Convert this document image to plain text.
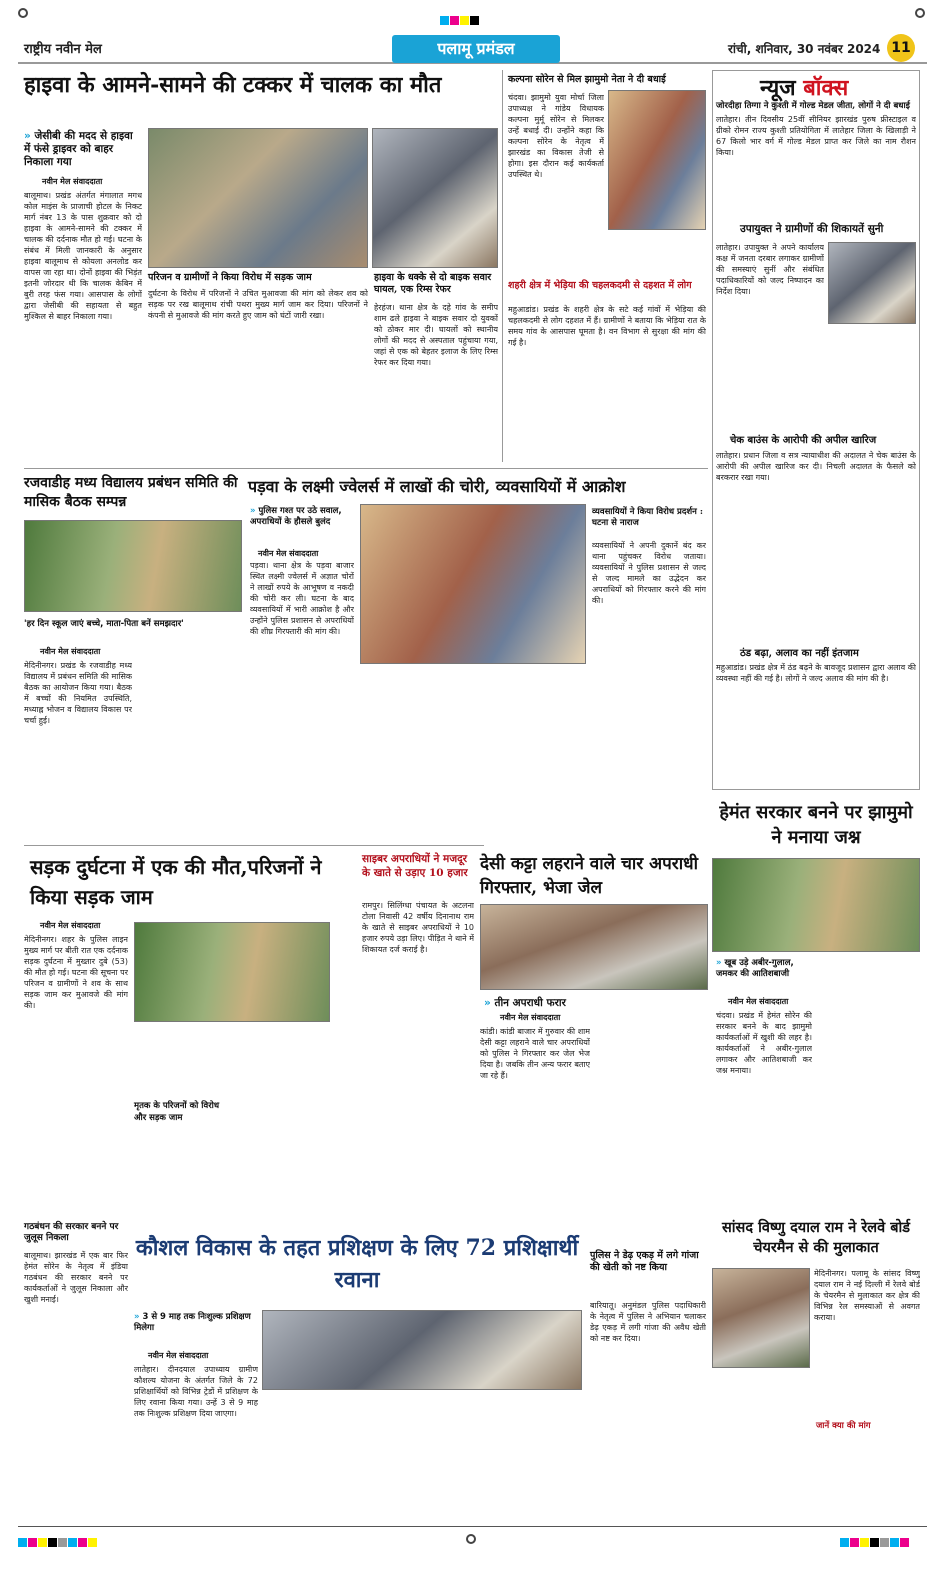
राष्ट्रीय नवीन मेल	पलामू प्रमंडल	रांची, शनिवार, 30 नवंबर 2024 11
हाइवा के आमने-सामने की टक्कर में चालक का मौत
» जेसीबी की मदद से हाइवा में फंसे ड्राइवर को बाहर निकाला गया
नवीन मेल संवाददाता
बालूमाथ। प्रखंड अंतर्गत मंगालात मगध कोल माइंस के प्राजाची होटल के निकट मार्ग नंबर 13 के पास शुक्रवार को दो हाइवा के आमने-सामने की टक्कर में चालक की दर्दनाक मौत हो गई। घटना के संबंध में मिली जानकारी के अनुसार हाइवा बालूमाथ से कोयला अनलोड कर वापस जा रहा था। दोनों हाइवा की भिड़ंत इतनी जोरदार थी कि चालक केबिन में बुरी तरह फंस गया। आसपास के लोगों द्वारा जेसीबी की सहायता से बहुत मुश्किल से बाहर निकाला गया।
परिजन व ग्रामीणों ने किया विरोध में सड़क जाम
दुर्घटना के विरोध में परिजनों ने उचित मुआवजा की मांग को लेकर शव को सड़क पर रख बालूमाथ रांची पथरा मुख्य मार्ग जाम कर दिया। परिजनों ने कंपनी से मुआवजे की मांग करते हुए जाम को घंटों जारी रखा।
हाइवा के धक्के से दो बाइक सवार घायल, एक रिम्स रेफर
हेरहंज। थाना क्षेत्र के दहे गांव के समीप शाम ढले हाइवा ने बाइक सवार दो युवकों को ठोकर मार दी। घायलों को स्थानीय लोगों की मदद से अस्पताल पहुंचाया गया, जहां से एक को बेहतर इलाज के लिए रिम्स रेफर कर दिया गया।
कल्पना सोरेन से मिल झामुमो नेता ने दी बधाई
चंदवा। झामुमो युवा मोर्चा जिला उपाध्यक्ष ने गांडेय विधायक कल्पना मुर्मू सोरेन से मिलकर उन्हें बधाई दी। उन्होंने कहा कि कल्पना सोरेन के नेतृत्व में झारखंड का विकास तेजी से होगा। इस दौरान कई कार्यकर्ता उपस्थित थे।
शहरी क्षेत्र में भेड़िया की चहलकदमी से दहशत में लोग
महुआडांड। प्रखंड के शहरी क्षेत्र के सटे कई गांवों में भेड़िया की चहलकदमी से लोग दहशत में हैं। ग्रामीणों ने बताया कि भेड़िया रात के समय गांव के आसपास घूमता है। वन विभाग से सुरक्षा की मांग की गई है।
न्यूज बॉक्स
जोरदीहा तिग्गा ने कुश्ती में गोल्ड मेडल जीता, लोगों ने दी बधाई
लातेहार। तीन दिवसीय 25वीं सीनियर झारखंड पुरुष फ्रीस्टाइल व ग्रीको रोमन राज्य कुश्ती प्रतियोगिता में लातेहार जिला के खिलाड़ी ने 67 किलो भार वर्ग में गोल्ड मेडल प्राप्त कर जिले का नाम रौशन किया।
उपायुक्त ने ग्रामीणों की शिकायतें सुनी
लातेहार। उपायुक्त ने अपने कार्यालय कक्ष में जनता दरबार लगाकर ग्रामीणों की समस्याएं सुनीं और संबंधित पदाधिकारियों को जल्द निष्पादन का निर्देश दिया।
चेक बाउंस के आरोपी की अपील खारिज
लातेहार। प्रधान जिला व सत्र न्यायाधीश की अदालत ने चेक बाउंस के आरोपी की अपील खारिज कर दी। निचली अदालत के फैसले को बरकरार रखा गया।
ठंड बढ़ा, अलाव का नहीं इंतजाम
महुआडांड। प्रखंड क्षेत्र में ठंड बढ़ने के बावजूद प्रशासन द्वारा अलाव की व्यवस्था नहीं की गई है। लोगों ने जल्द अलाव की मांग की है।
रजवाडीह मध्य विद्यालय प्रबंधन समिति की मासिक बैठक सम्पन्न
'हर दिन स्कूल जाएं बच्चे, माता-पिता बनें समझदार'
नवीन मेल संवाददाता
मेदिनीनगर। प्रखंड के रजवाडीह मध्य विद्यालय में प्रबंधन समिति की मासिक बैठक का आयोजन किया गया। बैठक में बच्चों की नियमित उपस्थिति, मध्याह्न भोजन व विद्यालय विकास पर चर्चा हुई।
पड़वा के लक्ष्मी ज्वेलर्स में लाखों की चोरी, व्यवसायियों में आक्रोश
» पुलिस गश्त पर उठे सवाल, अपराधियों के हौसले बुलंद
नवीन मेल संवाददाता
पड़वा। थाना क्षेत्र के पड़वा बाजार स्थित लक्ष्मी ज्वेलर्स में अज्ञात चोरों ने लाखों रुपये के आभूषण व नकदी की चोरी कर ली। घटना के बाद व्यवसायियों में भारी आक्रोश है और उन्होंने पुलिस प्रशासन से अपराधियों की शीघ्र गिरफ्तारी की मांग की।
व्यवसायियों ने किया विरोध प्रदर्शन : घटना से नाराज
व्यवसायियों ने अपनी दुकानें बंद कर थाना पहुंचकर विरोध जताया। व्यवसायियों ने पुलिस प्रशासन से जल्द से जल्द मामले का उद्भेदन कर अपराधियों को गिरफ्तार करने की मांग की।
सड़क दुर्घटना में एक की मौत,परिजनों ने किया सड़क जाम
नवीन मेल संवाददाता
मेदिनीनगर। शहर के पुलिस लाइन मुख्य मार्ग पर बीती रात एक दर्दनाक सड़क दुर्घटना में मुख्तार दुबे (53) की मौत हो गई। घटना की सूचना पर परिजन व ग्रामीणों ने शव के साथ सड़क जाम कर मुआवजे की मांग की।
मृतक के परिजनों को विरोध और सड़क जाम
साइबर अपराधियों ने मजदूर के खाते से उड़ाए 10 हजार
रामपुर। सिलिंग्धा पंचायत के अटलना टोला निवासी 42 वर्षीय दिनानाथ राम के खाते से साइबर अपराधियों ने 10 हजार रुपये उड़ा लिए। पीड़ित ने थाने में शिकायत दर्ज कराई है।
देसी कट्टा लहराने वाले चार अपराधी गिरफ्तार, भेजा जेल
» तीन अपराधी फरार
नवीन मेल संवाददाता
कांडी। कांडी बाजार में गुरुवार की शाम देसी कट्टा लहराने वाले चार अपराधियों को पुलिस ने गिरफ्तार कर जेल भेज दिया है। जबकि तीन अन्य फरार बताए जा रहे हैं।
हेमंत सरकार बनने पर झामुमो ने मनाया जश्न
» खूब उड़े अबीर-गुलाल, जमकर की आतिशबाजी
नवीन मेल संवाददाता
चंदवा। प्रखंड में हेमंत सोरेन की सरकार बनने के बाद झामुमो कार्यकर्ताओं में खुशी की लहर है। कार्यकर्ताओं ने अबीर-गुलाल लगाकर और आतिशबाजी कर जश्न मनाया।
सांसद विष्णु दयाल राम ने रेलवे बोर्ड चेयरमैन से की मुलाकात
मेदिनीनगर। पलामू के सांसद विष्णु दयाल राम ने नई दिल्ली में रेलवे बोर्ड के चेयरमैन से मुलाकात कर क्षेत्र की विभिन्न रेल समस्याओं से अवगत कराया।
जानें क्या की मांग
गठबंधन की सरकार बनने पर जुलूस निकला
बालूमाथ। झारखंड में एक बार फिर हेमंत सोरेन के नेतृत्व में इंडिया गठबंधन की सरकार बनने पर कार्यकर्ताओं ने जुलूस निकाला और खुशी मनाई।
कौशल विकास के तहत प्रशिक्षण के लिए 72 प्रशिक्षार्थी रवाना
» 3 से 9 माह तक निःशुल्क प्रशिक्षण मिलेगा
नवीन मेल संवाददाता
लातेहार। दीनदयाल उपाध्याय ग्रामीण कौशल्य योजना के अंतर्गत जिले के 72 प्रशिक्षार्थियों को विभिन्न ट्रेडों में प्रशिक्षण के लिए रवाना किया गया। उन्हें 3 से 9 माह तक निःशुल्क प्रशिक्षण दिया जाएगा।
पुलिस ने डेढ़ एकड़ में लगे गांजा की खेती को नष्ट किया
बारियातू। अनुमंडल पुलिस पदाधिकारी के नेतृत्व में पुलिस ने अभियान चलाकर डेढ़ एकड़ में लगी गांजा की अवैध खेती को नष्ट कर दिया।
